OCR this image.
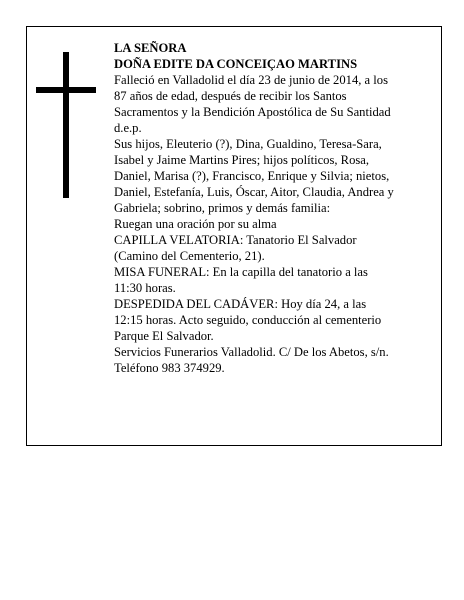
LA SEÑORA
DOÑA EDITE DA CONCEIÇAO MARTINS
Falleció en Valladolid el día 23 de junio de 2014, a los
87 años de edad, después de recibir los Santos
Sacramentos y la Bendición Apostólica de Su Santidad
d.e.p.
Sus hijos, Eleuterio (?), Dina, Gualdino, Teresa-Sara,
Isabel y Jaime Martins Pires; hijos políticos, Rosa,
Daniel, Marisa (?), Francisco, Enrique y Silvia; nietos,
Daniel, Estefanía, Luis, Óscar, Aitor, Claudia, Andrea y
Gabriela; sobrino, primos y demás familia:
Ruegan una oración por su alma
CAPILLA VELATORIA: Tanatorio El Salvador
(Camino del Cementerio, 21).
MISA FUNERAL: En la capilla del tanatorio a las
11:30 horas.
DESPEDIDA DEL CADÁVER: Hoy día 24, a las
12:15 horas. Acto seguido, conducción al cementerio
Parque El Salvador.
Servicios Funerarios Valladolid. C/ De los Abetos, s/n.
Teléfono 983 374929.
